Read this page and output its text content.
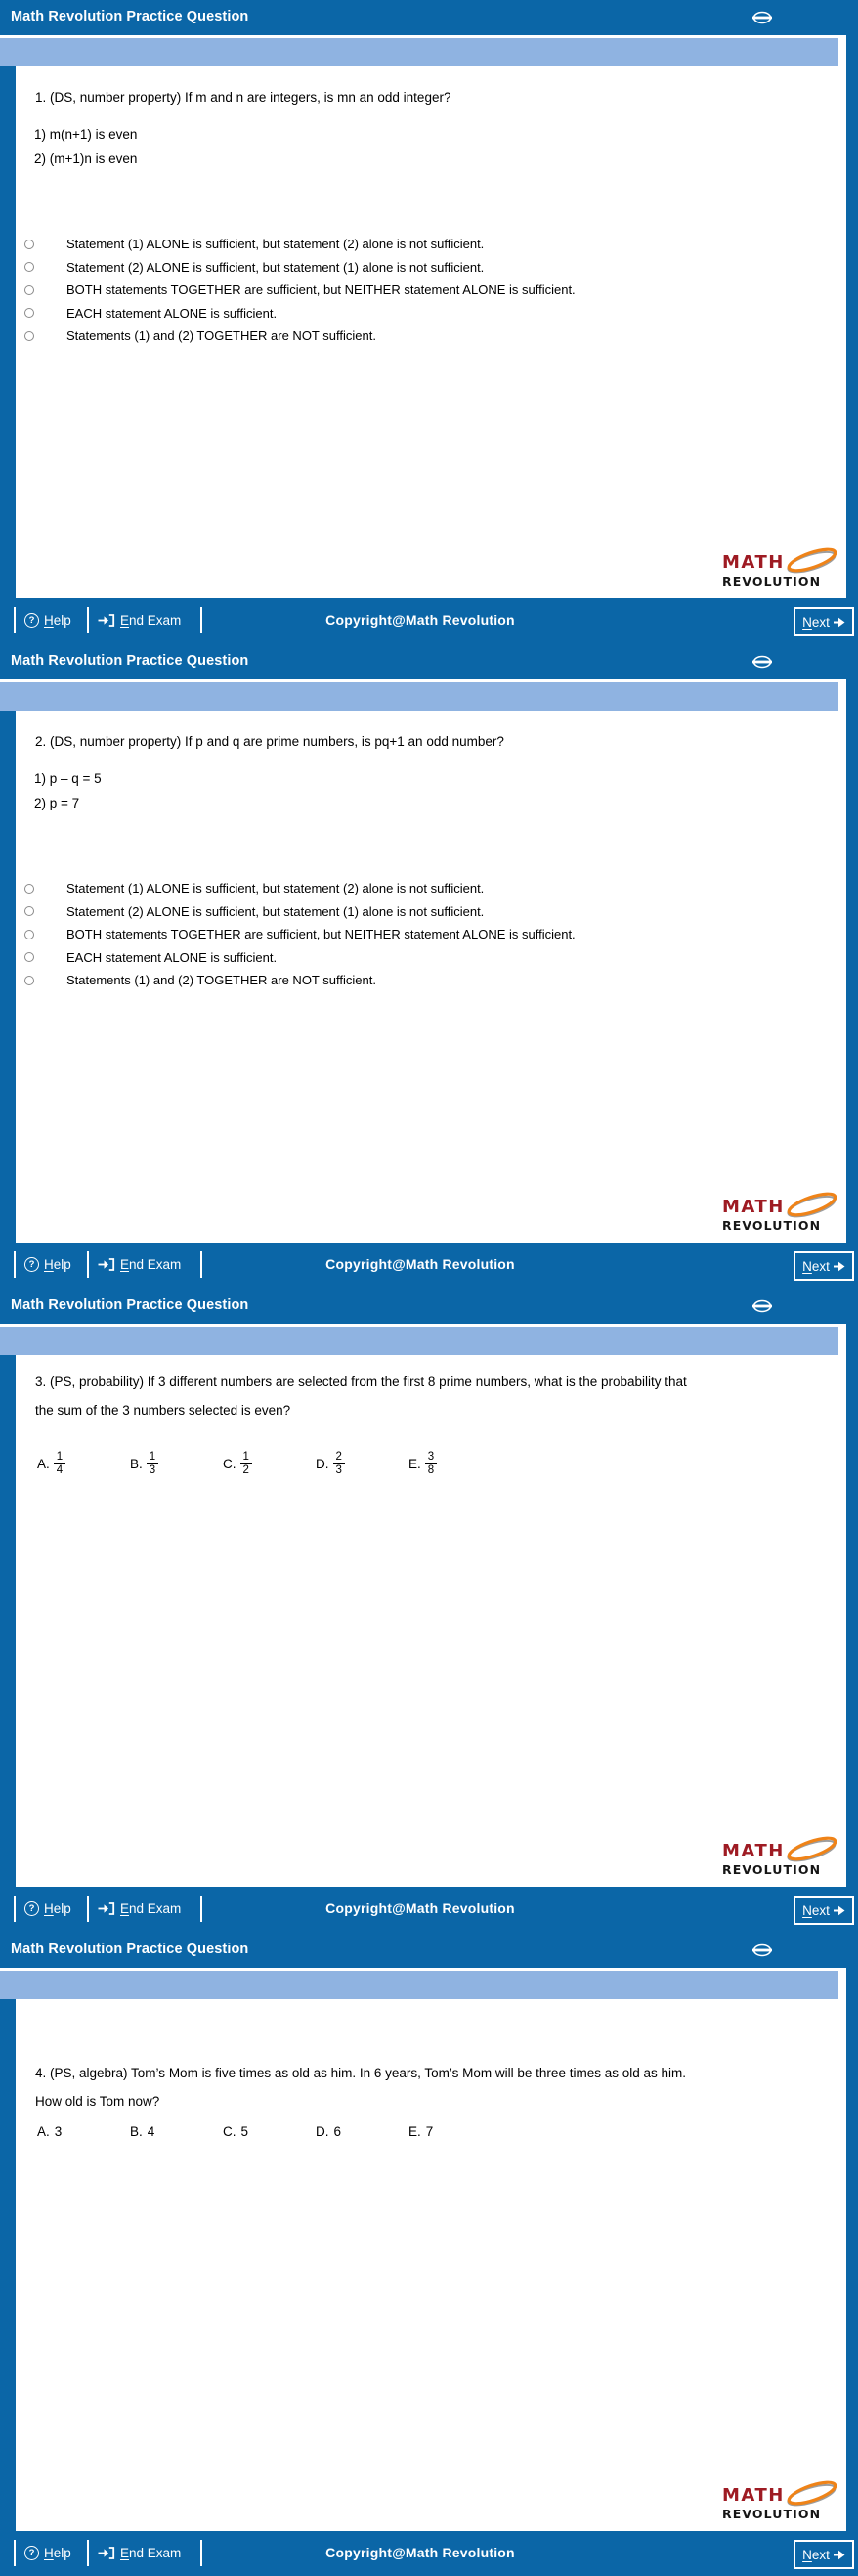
Math Revolution Practice Question
1. (DS, number property) If m and n are integers, is mn an odd integer?
1) m(n+1) is even
2) (m+1)n is even
Statement (1) ALONE is sufficient, but statement (2) alone is not sufficient.
Statement (2) ALONE is sufficient, but statement (1) alone is not sufficient.
BOTH statements TOGETHER are sufficient, but NEITHER statement ALONE is sufficient.
EACH statement ALONE is sufficient.
Statements (1) and (2) TOGETHER are NOT sufficient.
MATH
REVOLUTION
? Help	End Exam	Copyright@Math Revolution	Next
Math Revolution Practice Question
2. (DS, number property) If p and q are prime numbers, is pq+1 an odd number?
1) p – q = 5
2) p = 7
Statement (1) ALONE is sufficient, but statement (2) alone is not sufficient.
Statement (2) ALONE is sufficient, but statement (1) alone is not sufficient.
BOTH statements TOGETHER are sufficient, but NEITHER statement ALONE is sufficient.
EACH statement ALONE is sufficient.
Statements (1) and (2) TOGETHER are NOT sufficient.
MATH
REVOLUTION
? Help	End Exam	Copyright@Math Revolution	Next
Math Revolution Practice Question
3. (PS, probability) If 3 different numbers are selected from the first 8 prime numbers, what is the probability that
the sum of the 3 numbers selected is even?
A. $\frac{1}{4}$	B. $\frac{1}{3}$	C. $\frac{1}{2}$	D. $\frac{2}{3}$	E. $\frac{3}{8}$
MATH
REVOLUTION
? Help	End Exam	Copyright@Math Revolution	Next
Math Revolution Practice Question
4. (PS, algebra) Tom’s Mom is five times as old as him. In 6 years, Tom’s Mom will be three times as old as him.
How old is Tom now?
A. 3	B. 4	C. 5	D. 6	E. 7
MATH
REVOLUTION
? Help	End Exam	Copyright@Math Revolution	Next
